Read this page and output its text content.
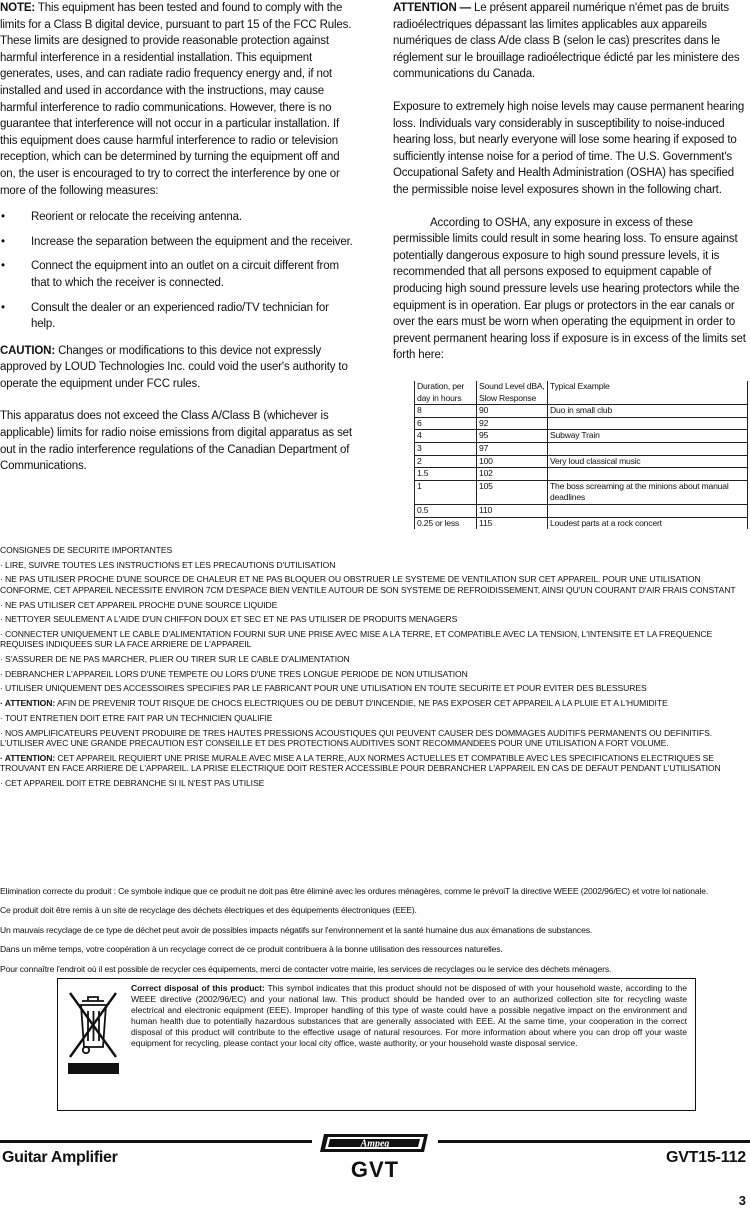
NOTE: This equipment has been tested and found to comply with the limits for a Class B digital device, pursuant to part 15 of the FCC Rules. These limits are designed to provide reasonable protection against harmful interference in a residential installation. This equipment generates, uses, and can radiate radio frequency energy and, if not installed and used in accordance with the instructions, may cause harmful interference to radio communications. However, there is no guarantee that interference will not occur in a particular installation. If this equipment does cause harmful interference to radio or television reception, which can be determined by turning the equipment off and on, the user is encouraged to try to correct the interference by one or more of the following measures:

• Reorient or relocate the receiving antenna.
• Increase the separation between the equipment and the receiver.
• Connect the equipment into an outlet on a circuit different from that to which the receiver is connected.
• Consult the dealer or an experienced radio/TV technician for help.

CAUTION: Changes or modifications to this device not expressly approved by LOUD Technologies Inc. could void the user's authority to operate the equipment under FCC rules.

This apparatus does not exceed the Class A/Class B (whichever is applicable) limits for radio noise emissions from digital apparatus as set out in the radio interference regulations of the Canadian Department of Communications.

ATTENTION — Le présent appareil numérique n'émet pas de bruits radioélectriques dépassant las limites applicables aux appareils numériques de class A/de class B (selon le cas) prescrites dans le réglement sur le brouillage radioélectrique édicté par les ministere des communications du Canada.

Exposure to extremely high noise levels may cause permanent hearing loss. Individuals vary considerably in susceptibility to noise-induced hearing loss, but nearly everyone will lose some hearing if exposed to sufficiently intense noise for a period of time. The U.S. Government's Occupational Safety and Health Administration (OSHA) has specified the permissible noise level exposures shown in the following chart.

According to OSHA, any exposure in excess of these permissible limits could result in some hearing loss. To ensure against potentially dangerous exposure to high sound pressure levels, it is recommended that all persons exposed to equipment capable of producing high sound pressure levels use hearing protectors while the equipment is in operation. Ear plugs or protectors in the ear canals or over the ears must be worn when operating the equipment in order to prevent permanent hearing loss if exposure is in excess of the limits set forth here:

Duration, per day in hours	Sound Level dBA, Slow Response	Typical Example
8	90	Duo in small club
6	92	
4	95	Subway Train
3	97	
2	100	Very loud classical music
1.5	102	
1	105	The boss screaming at the minions about manual deadlines
0.5	110	
0.25 or less	115	Loudest parts at a rock concert

CONSIGNES DE SECURITE IMPORTANTES

· LIRE, SUIVRE TOUTES LES INSTRUCTIONS ET LES PRECAUTIONS D'UTILISATION

· NE PAS UTILISER PROCHE D'UNE SOURCE DE CHALEUR ET NE PAS BLOQUER OU OBSTRUER LE SYSTEME DE VENTILATION SUR CET APPAREIL. POUR UNE UTILISATION CONFORME, CET APPAREIL NECESSITE ENVIRON 7CM D'ESPACE BIEN VENTILE AUTOUR DE SON SYSTEME DE REFROIDISSEMENT, AINSI QU'UN COURANT D'AIR FRAIS CONSTANT

· NE PAS UTILISER CET APPAREIL PROCHE D'UNE SOURCE LIQUIDE

· NETTOYER SEULEMENT A L'AIDE D'UN CHIFFON DOUX ET SEC ET NE PAS UTILISER DE PRODUITS MENAGERS

· CONNECTER UNIQUEMENT LE CABLE D'ALIMENTATION FOURNI SUR UNE PRISE AVEC MISE A LA TERRE, ET COMPATIBLE AVEC LA TENSION, L'INTENSITE ET LA FREQUENCE REQUISES INDIQUEES SUR LA FACE ARRIERE DE L'APPAREIL

· S'ASSURER DE NE PAS MARCHER, PLIER OU TIRER SUR LE CABLE D'ALIMENTATION

· DEBRANCHER L'APPAREIL LORS D'UNE TEMPETE OU LORS D'UNE TRES LONGUE PERIODE DE NON UTILISATION

· UTILISER UNIQUEMENT DES ACCESSOIRES SPECIFIES PAR LE FABRICANT POUR UNE UTILISATION EN TOUTE SECURITE ET POUR EVITER DES BLESSURES

· ATTENTION: AFIN DE PREVENIR TOUT RISQUE DE CHOCS ELECTRIQUES OU DE DEBUT D'INCENDIE, NE PAS EXPOSER CET APPAREIL A LA PLUIE ET A L'HUMIDITE

· TOUT ENTRETIEN DOIT ETRE FAIT PAR UN TECHNICIEN QUALIFIE

· NOS AMPLIFICATEURS PEUVENT PRODUIRE DE TRES HAUTES PRESSIONS ACOUSTIQUES QUI PEUVENT CAUSER DES DOMMAGES AUDITIFS PERMANENTS OU DEFINITIFS. L'UTILISER AVEC UNE GRANDE PRECAUTION EST CONSEILLE ET DES PROTECTIONS AUDITIVES SONT RECOMMANDEES POUR UNE UTILISATION A FORT VOLUME.

· ATTENTION: CET APPAREIL REQUIERT UNE PRISE MURALE AVEC MISE A LA TERRE, AUX NORMES ACTUELLES ET COMPATIBLE AVEC LES SPECIFICATIONS ELECTRIQUES SE TROUVANT EN FACE ARRIERE DE L'APPAREIL. LA PRISE ELECTRIQUE DOIT RESTER ACCESSIBLE POUR DEBRANCHER L'APPAREIL EN CAS DE DEFAUT PENDANT L'UTILISATION

· CET APPAREIL DOIT ETRE DEBRANCHE SI IL N'EST PAS UTILISE

Elimination correcte du produit : Ce symbole indique que ce produit ne doit pas être éliminé avec les ordures ménagères, comme le prévoiT la directive WEEE (2002/96/EC) et votre loi nationale.

Ce produit doit être remis à un site de recyclage des déchets électriques et des équipements électroniques (EEE).

Un mauvais recyclage de ce type de déchet peut avoir de possibles impacts négatifs sur l'environnement et la santé humaine dus aux émanations de substances.

Dans un même temps, votre coopération à un recyclage correct de ce produit contribuera à la bonne utilisation des ressources naturelles.

Pour connaître l'endroit où il est possible de recycler ces équipements, merci de contacter votre mairie, les services de recyclages ou le service des déchets ménagers.

Correct disposal of this product: This symbol indicates that this product should not be disposed of with your household waste, according to the WEEE directive (2002/96/EC) and your national law. This product should be handed over to an authorized collection site for recycling waste electrical and electronic equipment (EEE). Improper handling of this type of waste could have a possible negative impact on the environment and human health due to potentially hazardous substances that are generally associated with EEE. At the same time, your cooperation in the correct disposal of this product will contribute to the effective usage of natural resources. For more information about where you can drop off your waste equipment for recycling, please contact your local city office, waste authority, or your household waste disposal service.

Guitar Amplifier	GVT15-112
Ampeg
GVT
3
